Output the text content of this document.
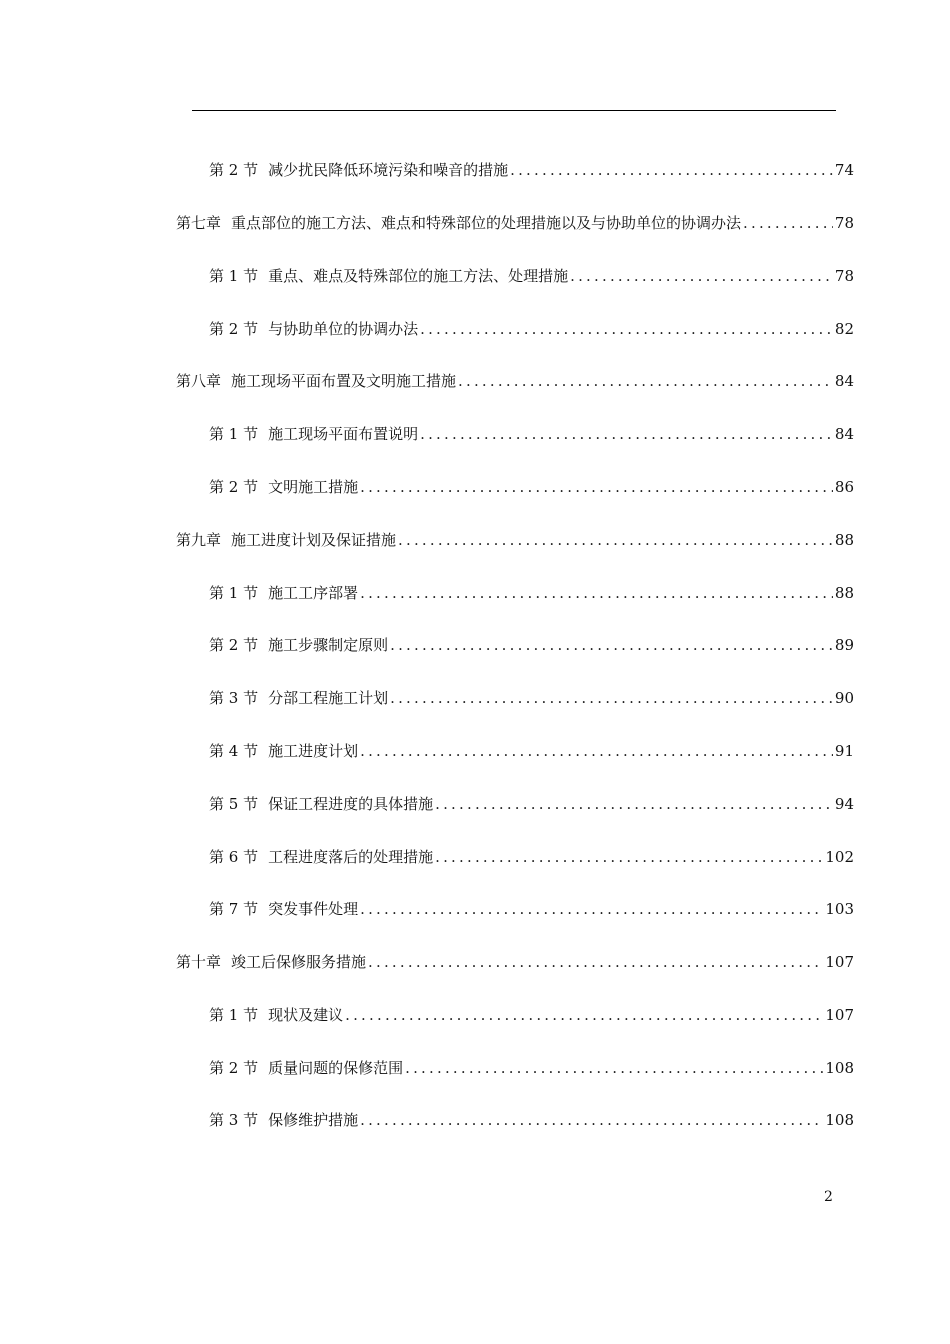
第 2 节 减少扰民降低环境污染和噪音的措施 .....	74
第七章 重点部位的施工方法、难点和特殊部位的处理措施以及与协助单位的协调办法 .....	78
第 1 节 重点、难点及特殊部位的施工方法、处理措施 .....	78
第 2 节 与协助单位的协调办法 .....	82
第八章 施工现场平面布置及文明施工措施 .....	84
第 1 节 施工现场平面布置说明 .....	84
第 2 节 文明施工措施 .....	86
第九章 施工进度计划及保证措施 .....	88
第 1 节 施工工序部署 .....	88
第 2 节 施工步骤制定原则 .....	89
第 3 节 分部工程施工计划 .....	90
第 4 节 施工进度计划 .....	91
第 5 节 保证工程进度的具体措施 .....	94
第 6 节 工程进度落后的处理措施 .....	102
第 7 节 突发事件处理 .....	103
第十章 竣工后保修服务措施 .....	107
第 1 节 现状及建议 .....	107
第 2 节 质量问题的保修范围 .....	108
第 3 节 保修维护措施 .....	108
2
